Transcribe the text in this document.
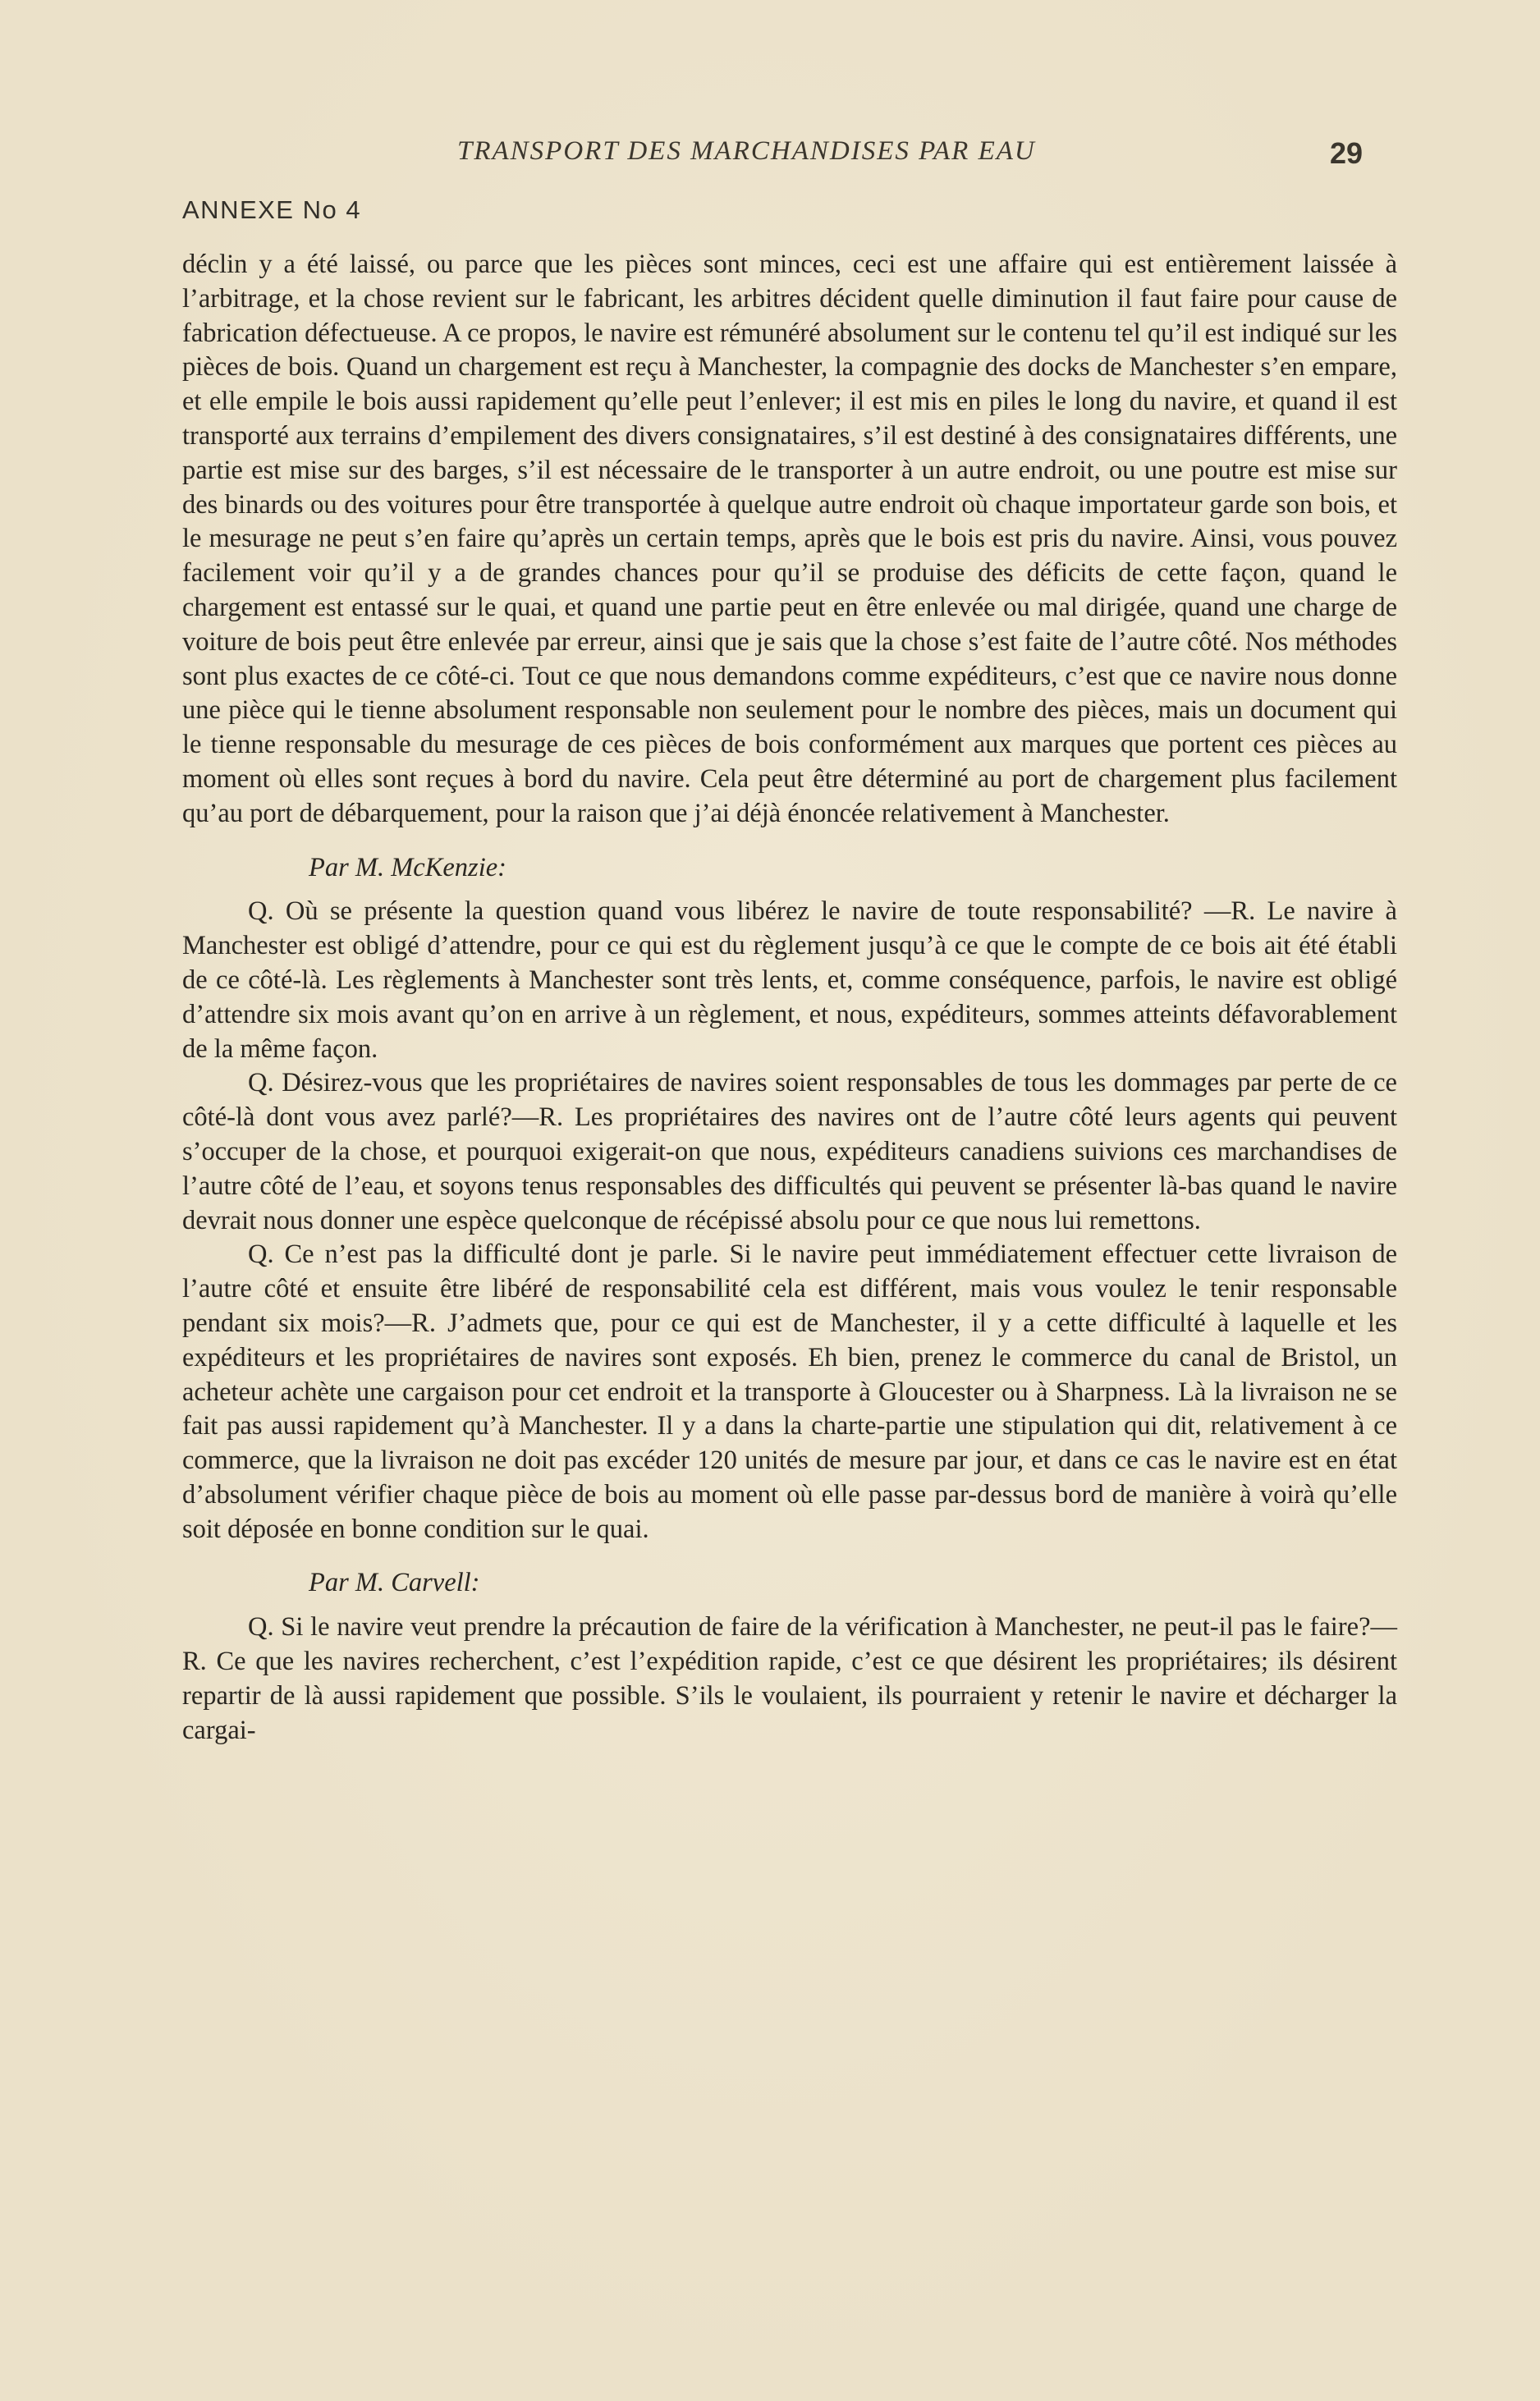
TRANSPORT DES MARCHANDISES PAR EAU	29
ANNEXE No 4

déclin y a été laissé, ou parce que les pièces sont minces, ceci est une affaire qui est entièrement laissée à l’arbitrage, et la chose revient sur le fabricant, les arbitres décident quelle diminution il faut faire pour cause de fabrication défectueuse. A ce propos, le navire est rémunéré absolument sur le contenu tel qu’il est indiqué sur les pièces de bois. Quand un chargement est reçu à Manchester, la compagnie des docks de Manchester s’en empare, et elle empile le bois aussi rapidement qu’elle peut l’enlever; il est mis en piles le long du navire, et quand il est transporté aux terrains d’empilement des divers consignataires, s’il est destiné à des consignataires différents, une partie est mise sur des barges, s’il est nécessaire de le transporter à un autre endroit, ou une poutre est mise sur des binards ou des voitures pour être transportée à quelque autre endroit où chaque importateur garde son bois, et le mesurage ne peut s’en faire qu’après un certain temps, après que le bois est pris du navire. Ainsi, vous pouvez facilement voir qu’il y a de grandes chances pour qu’il se produise des déficits de cette façon, quand le chargement est entassé sur le quai, et quand une partie peut en être enlevée ou mal dirigée, quand une charge de voiture de bois peut être enlevée par erreur, ainsi que je sais que la chose s’est faite de l’autre côté. Nos méthodes sont plus exactes de ce côté-ci. Tout ce que nous demandons comme expéditeurs, c’est que ce navire nous donne une pièce qui le tienne absolument responsable non seulement pour le nombre des pièces, mais un document qui le tienne responsable du mesurage de ces pièces de bois conformément aux marques que portent ces pièces au moment où elles sont reçues à bord du navire. Cela peut être déterminé au port de chargement plus facilement qu’au port de débarquement, pour la raison que j’ai déjà énoncée relativement à Manchester.

Par M. McKenzie:

Q. Où se présente la question quand vous libérez le navire de toute responsabilité? —R. Le navire à Manchester est obligé d’attendre, pour ce qui est du règlement jusqu’à ce que le compte de ce bois ait été établi de ce côté-là. Les règlements à Manchester sont très lents, et, comme conséquence, parfois, le navire est obligé d’attendre six mois avant qu’on en arrive à un règlement, et nous, expéditeurs, sommes atteints défavorablement de la même façon.

Q. Désirez-vous que les propriétaires de navires soient responsables de tous les dommages par perte de ce côté-là dont vous avez parlé?—R. Les propriétaires des navires ont de l’autre côté leurs agents qui peuvent s’occuper de la chose, et pourquoi exigerait-on que nous, expéditeurs canadiens suivions ces marchandises de l’autre côté de l’eau, et soyons tenus responsables des difficultés qui peuvent se présenter là-bas quand le navire devrait nous donner une espèce quelconque de récépissé absolu pour ce que nous lui remettons.

Q. Ce n’est pas la difficulté dont je parle. Si le navire peut immédiatement effectuer cette livraison de l’autre côté et ensuite être libéré de responsabilité cela est différent, mais vous voulez le tenir responsable pendant six mois?—R. J’admets que, pour ce qui est de Manchester, il y a cette difficulté à laquelle et les expéditeurs et les propriétaires de navires sont exposés. Eh bien, prenez le commerce du canal de Bristol, un acheteur achète une cargaison pour cet endroit et la transporte à Gloucester ou à Sharpness. Là la livraison ne se fait pas aussi rapidement qu’à Manchester. Il y a dans la charte-partie une stipulation qui dit, relativement à ce commerce, que la livraison ne doit pas excéder 120 unités de mesure par jour, et dans ce cas le navire est en état d’absolument vérifier chaque pièce de bois au moment où elle passe par-dessus bord de manière à voirà qu’elle soit déposée en bonne condition sur le quai.

Par M. Carvell:

Q. Si le navire veut prendre la précaution de faire de la vérification à Manchester, ne peut-il pas le faire?—R. Ce que les navires recherchent, c’est l’expédition rapide, c’est ce que désirent les propriétaires; ils désirent repartir de là aussi rapidement que possible. S’ils le voulaient, ils pourraient y retenir le navire et décharger la cargai-
